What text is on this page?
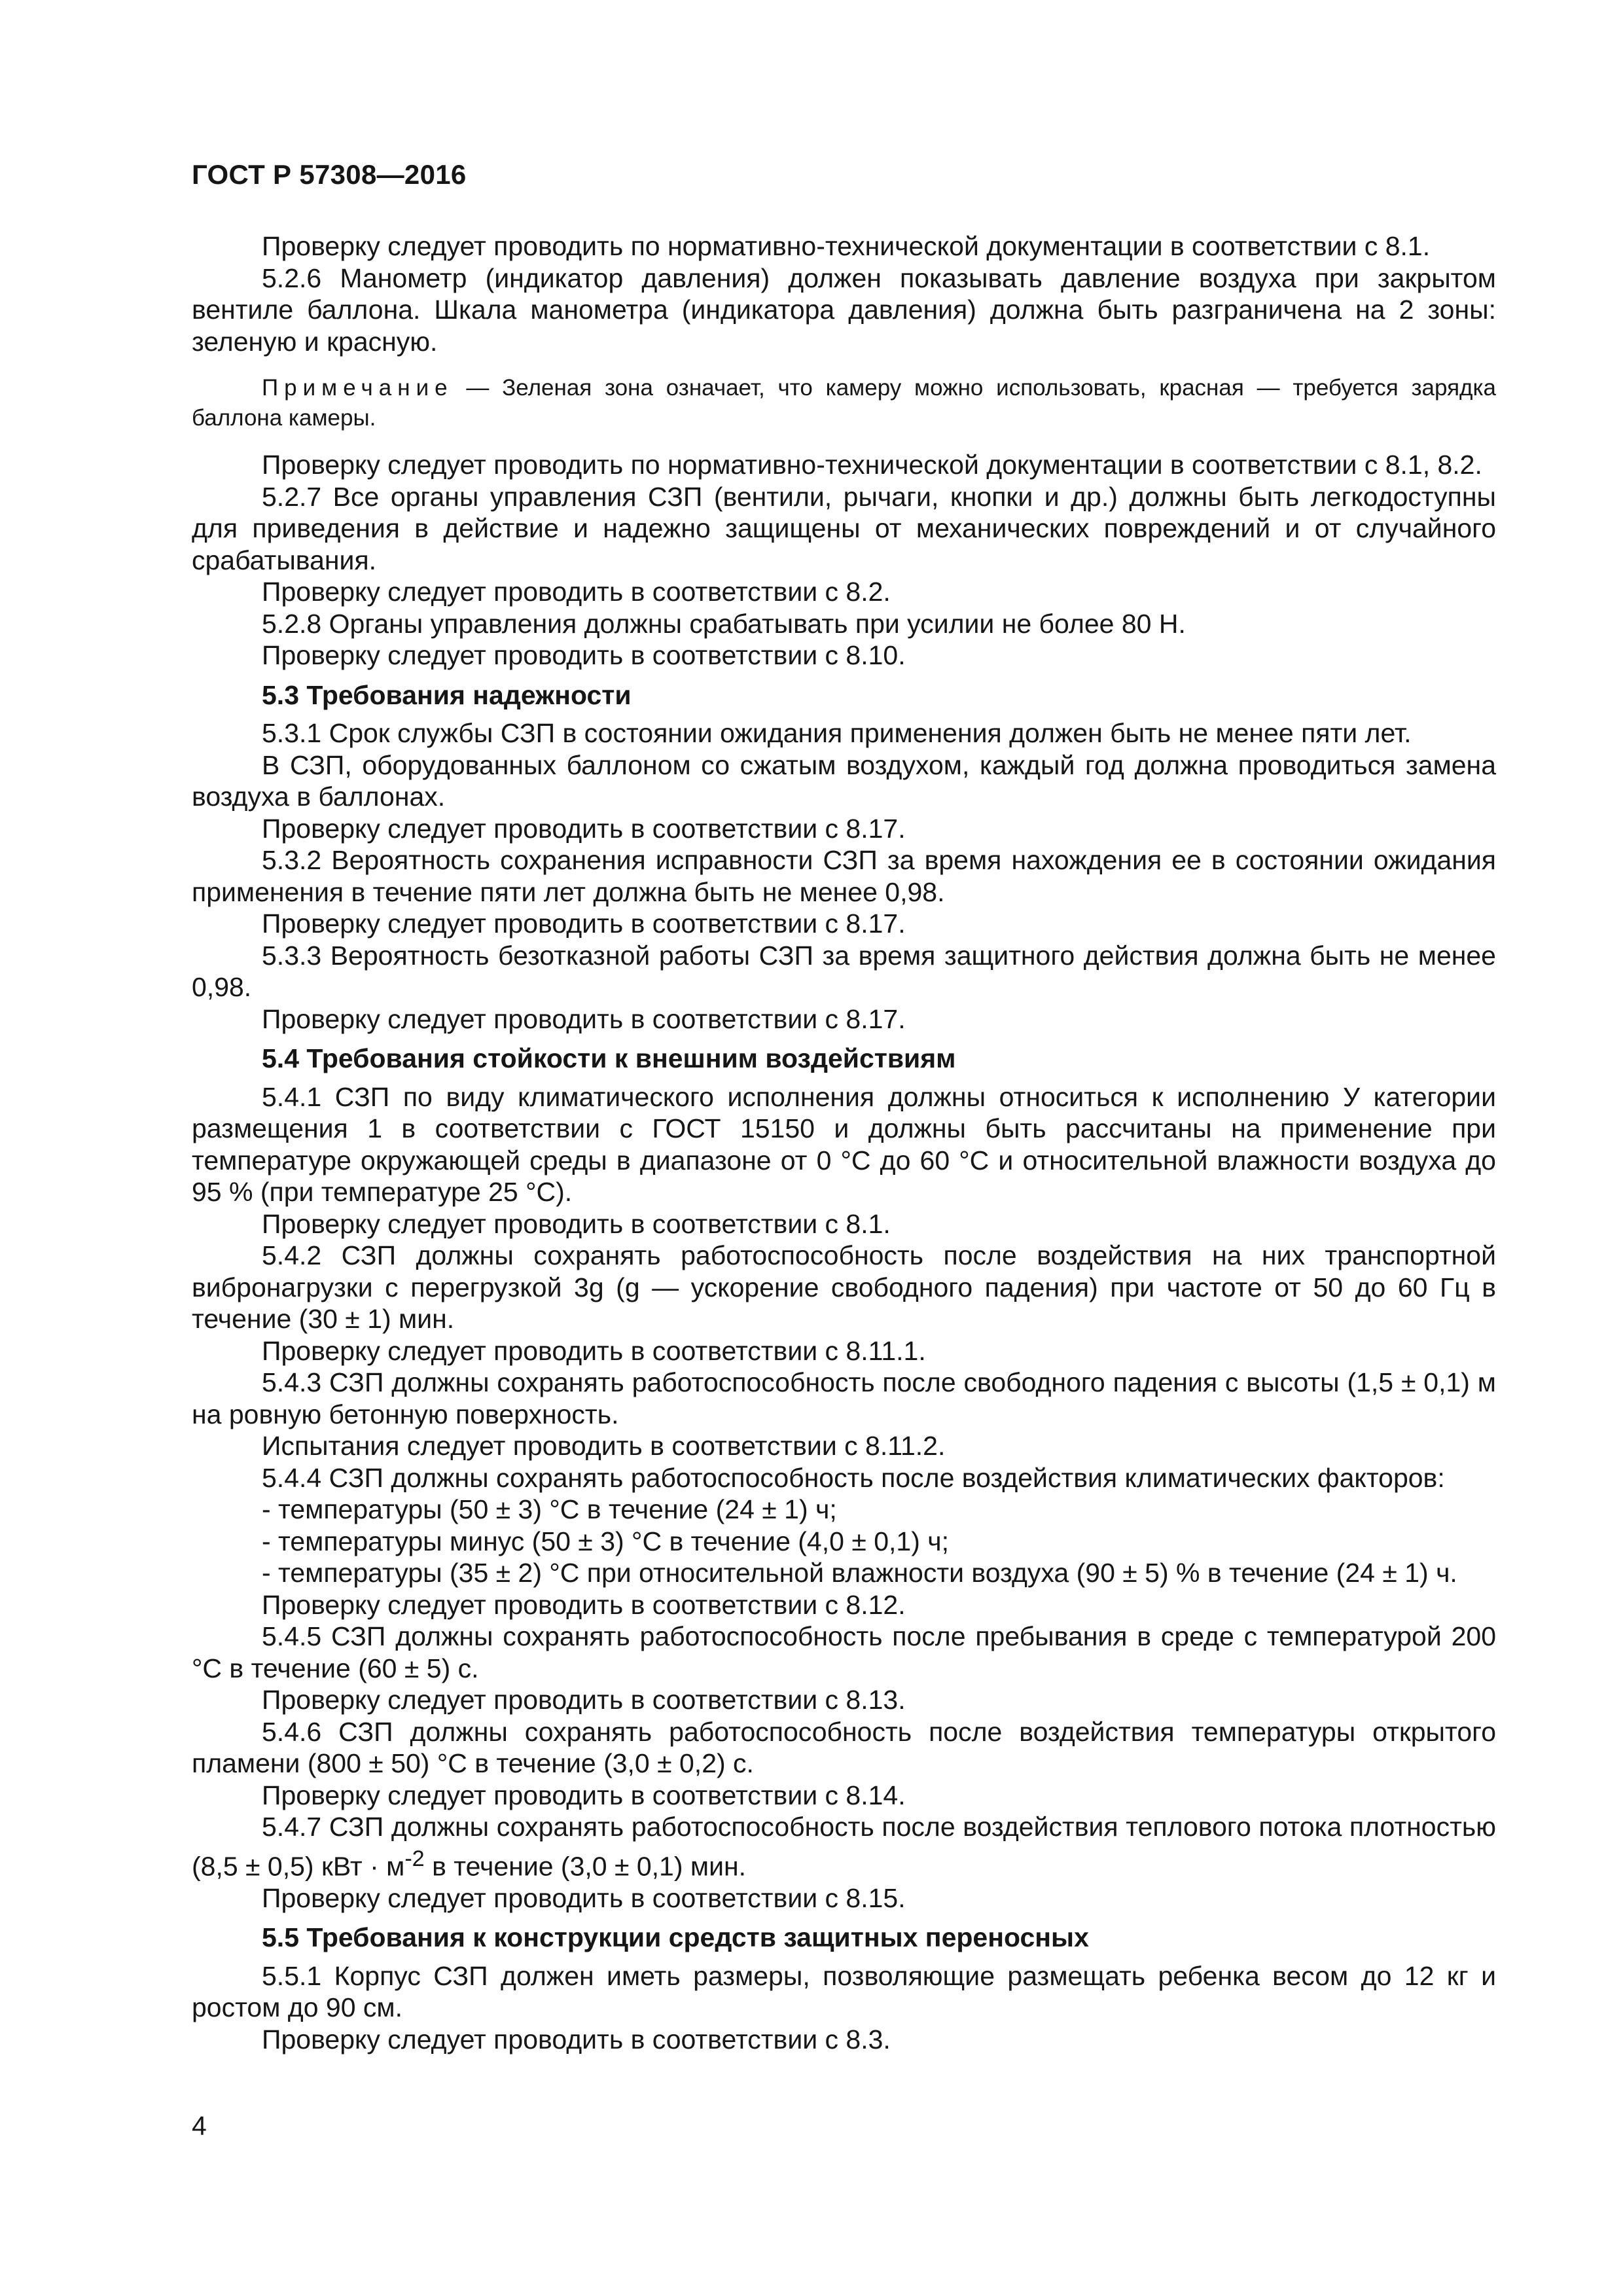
ГОСТ Р 57308—2016

Проверку следует проводить по нормативно-технической документации в соответствии с 8.1.

5.2.6 Манометр (индикатор давления) должен показывать давление воздуха при закрытом вентиле баллона. Шкала манометра (индикатора давления) должна быть разграничена на 2 зоны: зеленую и красную.

Примечание — Зеленая зона означает, что камеру можно использовать, красная — требуется зарядка баллона камеры.

Проверку следует проводить по нормативно-технической документации в соответствии с 8.1, 8.2.

5.2.7 Все органы управления СЗП (вентили, рычаги, кнопки и др.) должны быть легкодоступны для приведения в действие и надежно защищены от механических повреждений и от случайного срабатывания.

Проверку следует проводить в соответствии с 8.2.

5.2.8 Органы управления должны срабатывать при усилии не более 80 Н.

Проверку следует проводить в соответствии с 8.10.

5.3 Требования надежности

5.3.1 Срок службы СЗП в состоянии ожидания применения должен быть не менее пяти лет.

В СЗП, оборудованных баллоном со сжатым воздухом, каждый год должна проводиться замена воздуха в баллонах.

Проверку следует проводить в соответствии с 8.17.

5.3.2 Вероятность сохранения исправности СЗП за время нахождения ее в состоянии ожидания применения в течение пяти лет должна быть не менее 0,98.

Проверку следует проводить в соответствии с 8.17.

5.3.3 Вероятность безотказной работы СЗП за время защитного действия должна быть не менее 0,98.

Проверку следует проводить в соответствии с 8.17.

5.4 Требования стойкости к внешним воздействиям

5.4.1 СЗП по виду климатического исполнения должны относиться к исполнению У категории размещения 1 в соответствии с ГОСТ 15150 и должны быть рассчитаны на применение при температуре окружающей среды в диапазоне от 0 °С до 60 °С и относительной влажности воздуха до 95 % (при температуре 25 °С).

Проверку следует проводить в соответствии с 8.1.

5.4.2 СЗП должны сохранять работоспособность после воздействия на них транспортной вибронагрузки с перегрузкой 3g (g — ускорение свободного падения) при частоте от 50 до 60 Гц в течение (30 ± 1) мин.

Проверку следует проводить в соответствии с 8.11.1.

5.4.3 СЗП должны сохранять работоспособность после свободного падения с высоты (1,5 ± 0,1) м на ровную бетонную поверхность.

Испытания следует проводить в соответствии с 8.11.2.

5.4.4 СЗП должны сохранять работоспособность после воздействия климатических факторов:

- температуры (50 ± 3) °С в течение (24 ± 1) ч;

- температуры минус (50 ± 3) °С в течение (4,0 ± 0,1) ч;

- температуры (35 ± 2) °С при относительной влажности воздуха (90 ± 5) % в течение (24 ± 1) ч.

Проверку следует проводить в соответствии с 8.12.

5.4.5 СЗП должны сохранять работоспособность после пребывания в среде с температурой 200 °С в течение (60 ± 5) с.

Проверку следует проводить в соответствии с 8.13.

5.4.6 СЗП должны сохранять работоспособность после воздействия температуры открытого пламени (800 ± 50) °С в течение (3,0 ± 0,2) с.

Проверку следует проводить в соответствии с 8.14.

5.4.7 СЗП должны сохранять работоспособность после воздействия теплового потока плотностью (8,5 ± 0,5) кВт · $м^{-2}$ в течение (3,0 ± 0,1) мин.

Проверку следует проводить в соответствии с 8.15.

5.5 Требования к конструкции средств защитных переносных

5.5.1 Корпус СЗП должен иметь размеры, позволяющие размещать ребенка весом до 12 кг и ростом до 90 см.

Проверку следует проводить в соответствии с 8.3.

4
